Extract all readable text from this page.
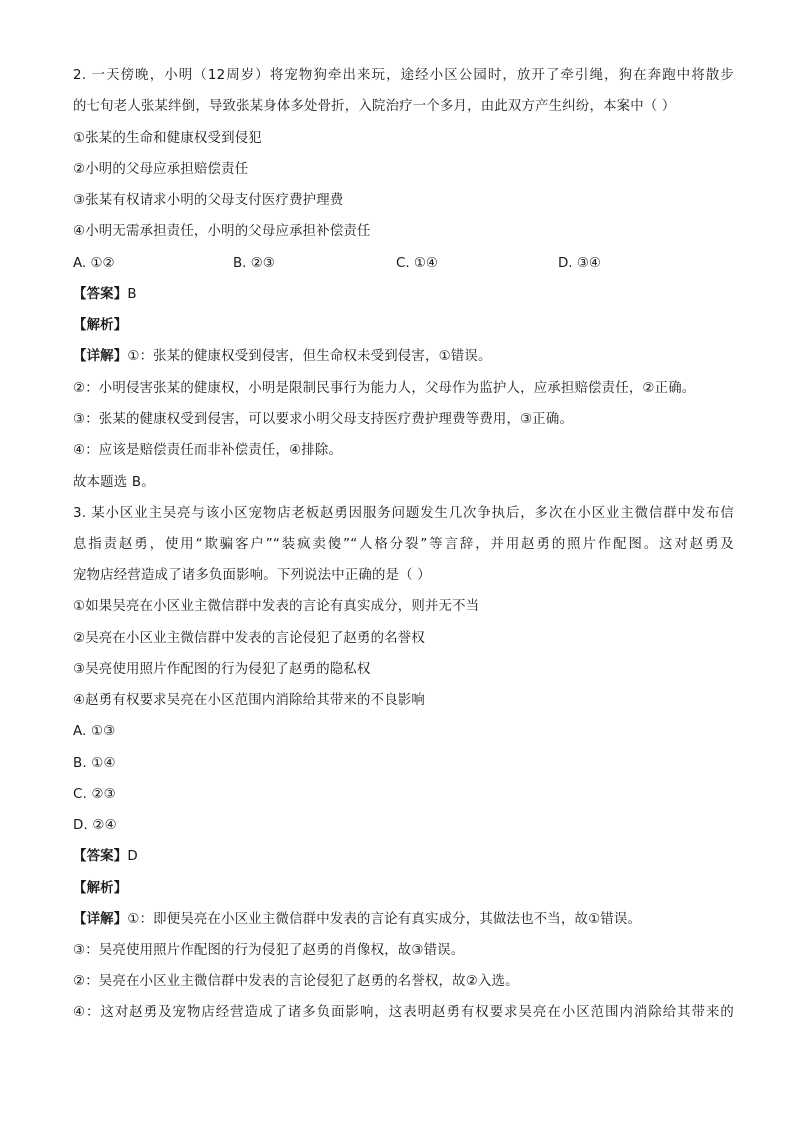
2. 一天傍晚，小明（12周岁）将宠物狗牵出来玩，途经小区公园时，放开了牵引绳，狗在奔跑中将散步
的七旬老人张某绊倒，导致张某身体多处骨折，入院治疗一个多月，由此双方产生纠纷，本案中（ ）
①张某的生命和健康权受到侵犯
②小明的父母应承担赔偿责任
③张某有权请求小明的父母支付医疗费护理费
④小明无需承担责任，小明的父母应承担补偿责任
A. ①②	B. ②③	C. ①④	D. ③④
【答案】B
【解析】
【详解】①：张某的健康权受到侵害，但生命权未受到侵害，①错误。
②：小明侵害张某的健康权，小明是限制民事行为能力人，父母作为监护人，应承担赔偿责任，②正确。
③：张某的健康权受到侵害，可以要求小明父母支持医疗费护理费等费用，③正确。
④：应该是赔偿责任而非补偿责任，④排除。
故本题选 B。
3. 某小区业主吴亮与该小区宠物店老板赵勇因服务问题发生几次争执后，多次在小区业主微信群中发布信
息指责赵勇，使用“欺骗客户”“装疯卖傻”“人格分裂”等言辞，并用赵勇的照片作配图。这对赵勇及
宠物店经营造成了诸多负面影响。下列说法中正确的是（ ）
①如果吴亮在小区业主微信群中发表的言论有真实成分，则并无不当
②吴亮在小区业主微信群中发表的言论侵犯了赵勇的名誉权
③吴亮使用照片作配图的行为侵犯了赵勇的隐私权
④赵勇有权要求吴亮在小区范围内消除给其带来的不良影响
A. ①③
B. ①④
C. ②③
D. ②④
【答案】D
【解析】
【详解】①：即便吴亮在小区业主微信群中发表的言论有真实成分，其做法也不当，故①错误。
③：吴亮使用照片作配图的行为侵犯了赵勇的肖像权，故③错误。
②：吴亮在小区业主微信群中发表的言论侵犯了赵勇的名誉权，故②入选。
④：这对赵勇及宠物店经营造成了诸多负面影响，这表明赵勇有权要求吴亮在小区范围内消除给其带来的
